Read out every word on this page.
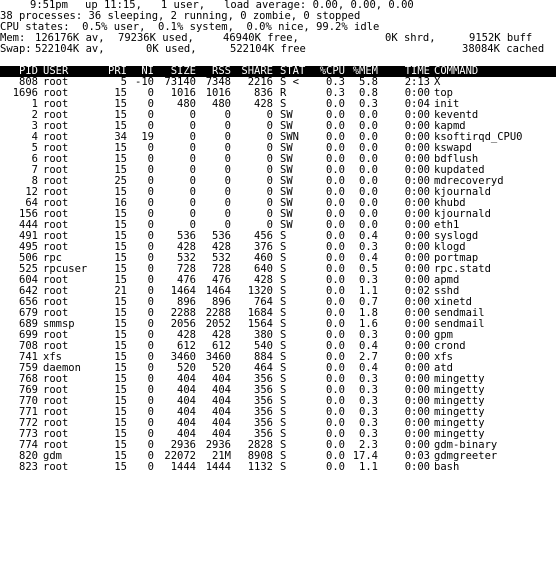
9:51pm

up 11:15,   1 user,   load average: 0.00, 0.00, 0.00

38 processes: 36 sleeping, 2 running, 0 zombie, 0 stopped

CPU states:  0.5% user,  0.1% system,  0.0% nice, 99.2% idle

Mem:

126176K av,

79236K used,

	46940K free,

	0K shrd,

	9152K buff

Swap:

522104K av,

	0K used,

	522104K free

	38084K cached

PID USER	PRI	NI	SIZE	RSS SHARE STAT	%CPU %MEM	TIME COMMAND
808 root	5 -10 73140 7348	2216 S <	0.3	5.8	2:13 X
1696 root	15	0	1016 1016	836 R	0.3	0.8	0:00 top
1 root	15	0	480	480	428 S	0.0	0.3	0:04 init
2 root	15	0	0	0	0 SW	0.0	0.0	0:00 keventd
3 root	15	0	0	0	0 SW	0.0	0.0	0:00 kapmd
4 root	34	19	0	0	0 SWN	0.0	0.0	0:00 ksoftirqd_CPU0
5 root	15	0	0	0	0 SW	0.0	0.0	0:00 kswapd
6 root	15	0	0	0	0 SW	0.0	0.0	0:00 bdflush
7 root	15	0	0	0	0 SW	0.0	0.0	0:00 kupdated
8 root	25	0	0	0	0 SW	0.0	0.0	0:00 mdrecoveryd
12 root	15	0	0	0	0 SW	0.0	0.0	0:00 kjournald
64 root	16	0	0	0	0 SW	0.0	0.0	0:00 khubd
156 root	15	0	0	0	0 SW	0.0	0.0	0:00 kjournald
444 root	15	0	0	0	0 SW	0.0	0.0	0:00 eth1
491 root	15	0	536	536	456 S	0.0	0.4	0:00 syslogd
495 root	15	0	428	428	376 S	0.0	0.3	0:00 klogd
506 rpc	15	0	532	532	460 S	0.0	0.4	0:00 portmap
525 rpcuser	15	0	728	728	640 S	0.0	0.5	0:00 rpc.statd
604 root	15	0	476	476	428 S	0.0	0.3	0:00 apmd
642 root	21	0	1464 1464	1320 S	0.0	1.1	0:02 sshd
656 root	15	0	896	896	764 S	0.0	0.7	0:00 xinetd
679 root	15	0	2288 2288	1684 S	0.0	1.8	0:00 sendmail
689 smmsp	15	0	2056 2052	1564 S	0.0	1.6	0:00 sendmail
699 root	15	0	428	428	380 S	0.0	0.3	0:00 gpm
708 root	15	0	612	612	540 S	0.0	0.4	0:00 crond
741 xfs	15	0	3460 3460	884 S	0.0	2.7	0:00 xfs
759 daemon	15	0	520	520	464 S	0.0	0.4	0:00 atd
768 root	15	0	404	404	356 S	0.0	0.3	0:00 mingetty
769 root	15	0	404	404	356 S	0.0	0.3	0:00 mingetty
770 root	15	0	404	404	356 S	0.0	0.3	0:00 mingetty
771 root	15	0	404	404	356 S	0.0	0.3	0:00 mingetty
772 root	15	0	404	404	356 S	0.0	0.3	0:00 mingetty
773 root	15	0	404	404	356 S	0.0	0.3	0:00 mingetty
774 root	15	0	2936 2936	2828 S	0.0	2.3	0:00 gdm-binary
820 gdm	15	0 22072	21M	8908 S	0.0 17.4	0:03 gdmgreeter
823 root	15	0	1444 1444	1132 S	0.0	1.1	0:00 bash
